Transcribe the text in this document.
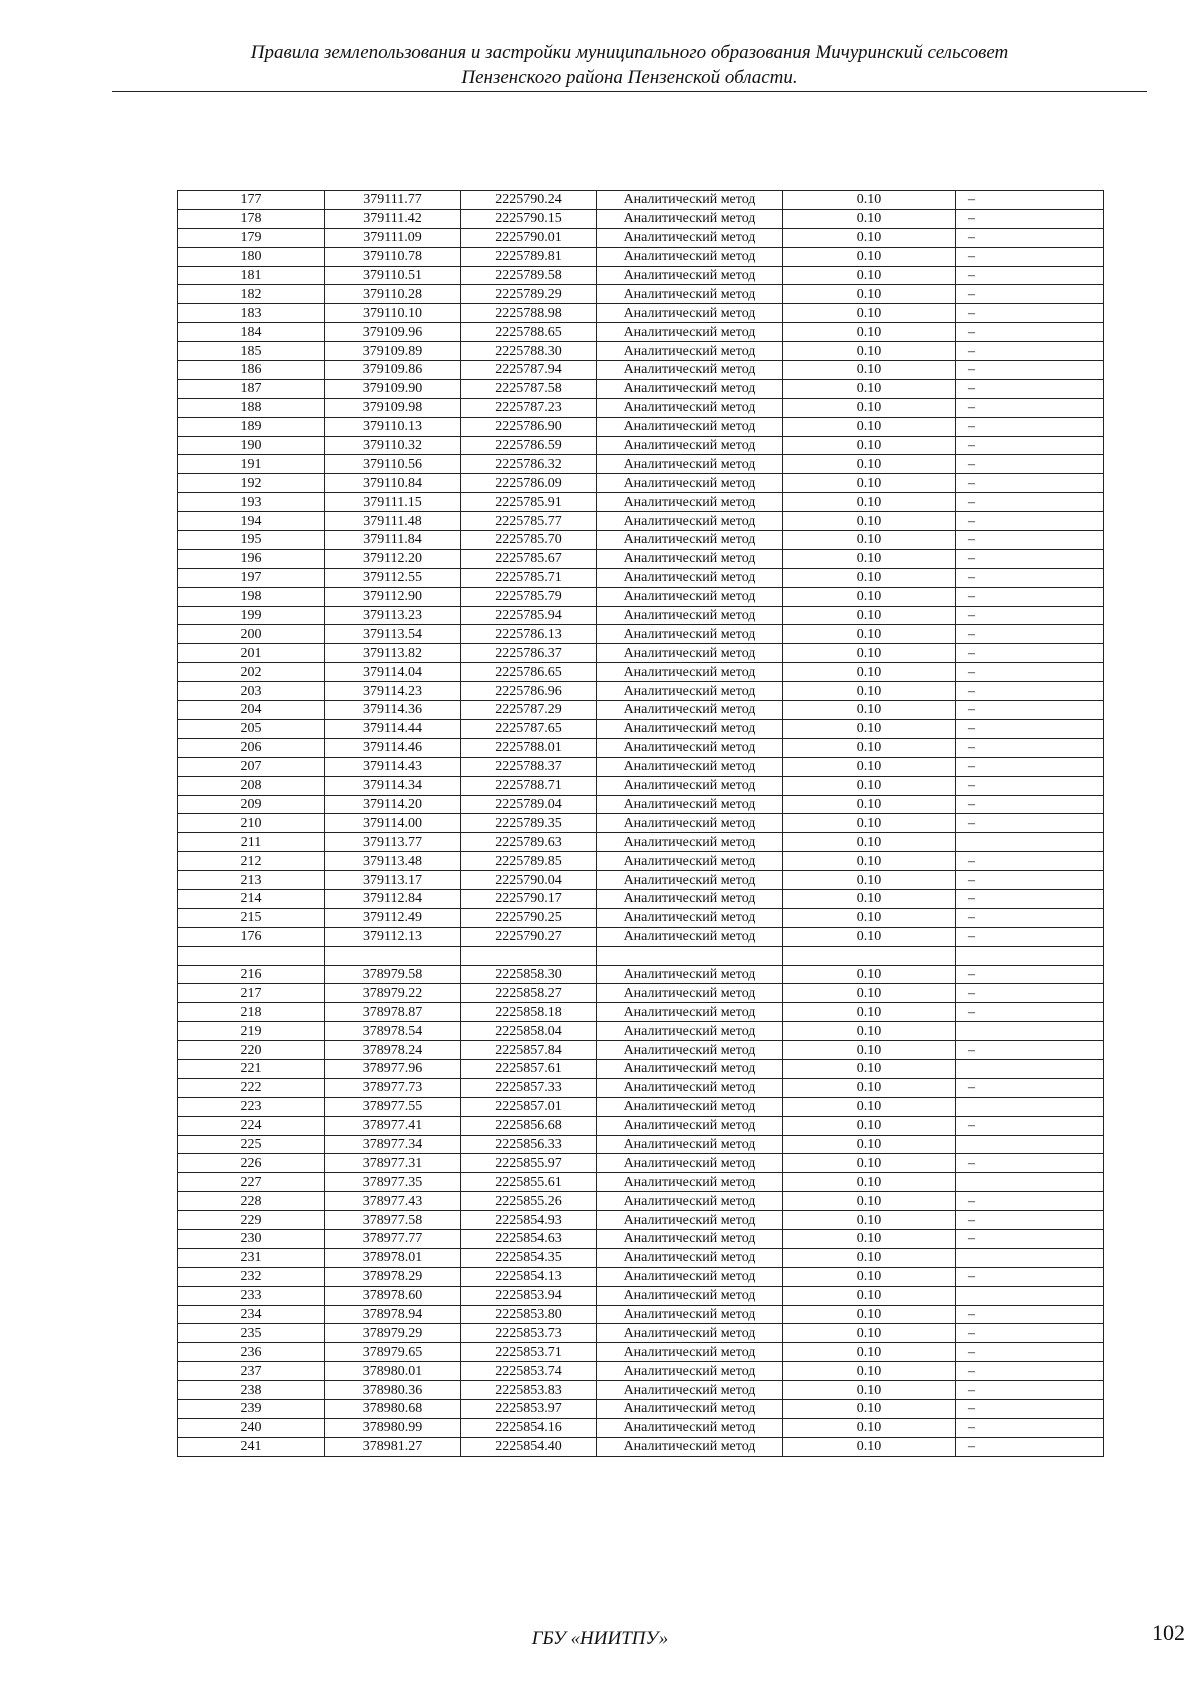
Правила землепользования и застройки муниципального образования Мичуринский сельсовет
Пензенского района Пензенской области.
177	379111.77	2225790.24	Аналитический метод	0.10	–
178	379111.42	2225790.15	Аналитический метод	0.10	–
179	379111.09	2225790.01	Аналитический метод	0.10	–
180	379110.78	2225789.81	Аналитический метод	0.10	–
181	379110.51	2225789.58	Аналитический метод	0.10	–
182	379110.28	2225789.29	Аналитический метод	0.10	–
183	379110.10	2225788.98	Аналитический метод	0.10	–
184	379109.96	2225788.65	Аналитический метод	0.10	–
185	379109.89	2225788.30	Аналитический метод	0.10	–
186	379109.86	2225787.94	Аналитический метод	0.10	–
187	379109.90	2225787.58	Аналитический метод	0.10	–
188	379109.98	2225787.23	Аналитический метод	0.10	–
189	379110.13	2225786.90	Аналитический метод	0.10	–
190	379110.32	2225786.59	Аналитический метод	0.10	–
191	379110.56	2225786.32	Аналитический метод	0.10	–
192	379110.84	2225786.09	Аналитический метод	0.10	–
193	379111.15	2225785.91	Аналитический метод	0.10	–
194	379111.48	2225785.77	Аналитический метод	0.10	–
195	379111.84	2225785.70	Аналитический метод	0.10	–
196	379112.20	2225785.67	Аналитический метод	0.10	–
197	379112.55	2225785.71	Аналитический метод	0.10	–
198	379112.90	2225785.79	Аналитический метод	0.10	–
199	379113.23	2225785.94	Аналитический метод	0.10	–
200	379113.54	2225786.13	Аналитический метод	0.10	–
201	379113.82	2225786.37	Аналитический метод	0.10	–
202	379114.04	2225786.65	Аналитический метод	0.10	–
203	379114.23	2225786.96	Аналитический метод	0.10	–
204	379114.36	2225787.29	Аналитический метод	0.10	–
205	379114.44	2225787.65	Аналитический метод	0.10	–
206	379114.46	2225788.01	Аналитический метод	0.10	–
207	379114.43	2225788.37	Аналитический метод	0.10	–
208	379114.34	2225788.71	Аналитический метод	0.10	–
209	379114.20	2225789.04	Аналитический метод	0.10	–
210	379114.00	2225789.35	Аналитический метод	0.10	–
211	379113.77	2225789.63	Аналитический метод	0.10	
212	379113.48	2225789.85	Аналитический метод	0.10	–
213	379113.17	2225790.04	Аналитический метод	0.10	–
214	379112.84	2225790.17	Аналитический метод	0.10	–
215	379112.49	2225790.25	Аналитический метод	0.10	–
176	379112.13	2225790.27	Аналитический метод	0.10	–

216	378979.58	2225858.30	Аналитический метод	0.10	–
217	378979.22	2225858.27	Аналитический метод	0.10	–
218	378978.87	2225858.18	Аналитический метод	0.10	–
219	378978.54	2225858.04	Аналитический метод	0.10	
220	378978.24	2225857.84	Аналитический метод	0.10	–
221	378977.96	2225857.61	Аналитический метод	0.10	
222	378977.73	2225857.33	Аналитический метод	0.10	–
223	378977.55	2225857.01	Аналитический метод	0.10	
224	378977.41	2225856.68	Аналитический метод	0.10	–
225	378977.34	2225856.33	Аналитический метод	0.10	
226	378977.31	2225855.97	Аналитический метод	0.10	–
227	378977.35	2225855.61	Аналитический метод	0.10	
228	378977.43	2225855.26	Аналитический метод	0.10	–
229	378977.58	2225854.93	Аналитический метод	0.10	–
230	378977.77	2225854.63	Аналитический метод	0.10	–
231	378978.01	2225854.35	Аналитический метод	0.10	
232	378978.29	2225854.13	Аналитический метод	0.10	–
233	378978.60	2225853.94	Аналитический метод	0.10	
234	378978.94	2225853.80	Аналитический метод	0.10	–
235	378979.29	2225853.73	Аналитический метод	0.10	–
236	378979.65	2225853.71	Аналитический метод	0.10	–
237	378980.01	2225853.74	Аналитический метод	0.10	–
238	378980.36	2225853.83	Аналитический метод	0.10	–
239	378980.68	2225853.97	Аналитический метод	0.10	–
240	378980.99	2225854.16	Аналитический метод	0.10	–
241	378981.27	2225854.40	Аналитический метод	0.10	–
ГБУ «НИИТПУ»	102
